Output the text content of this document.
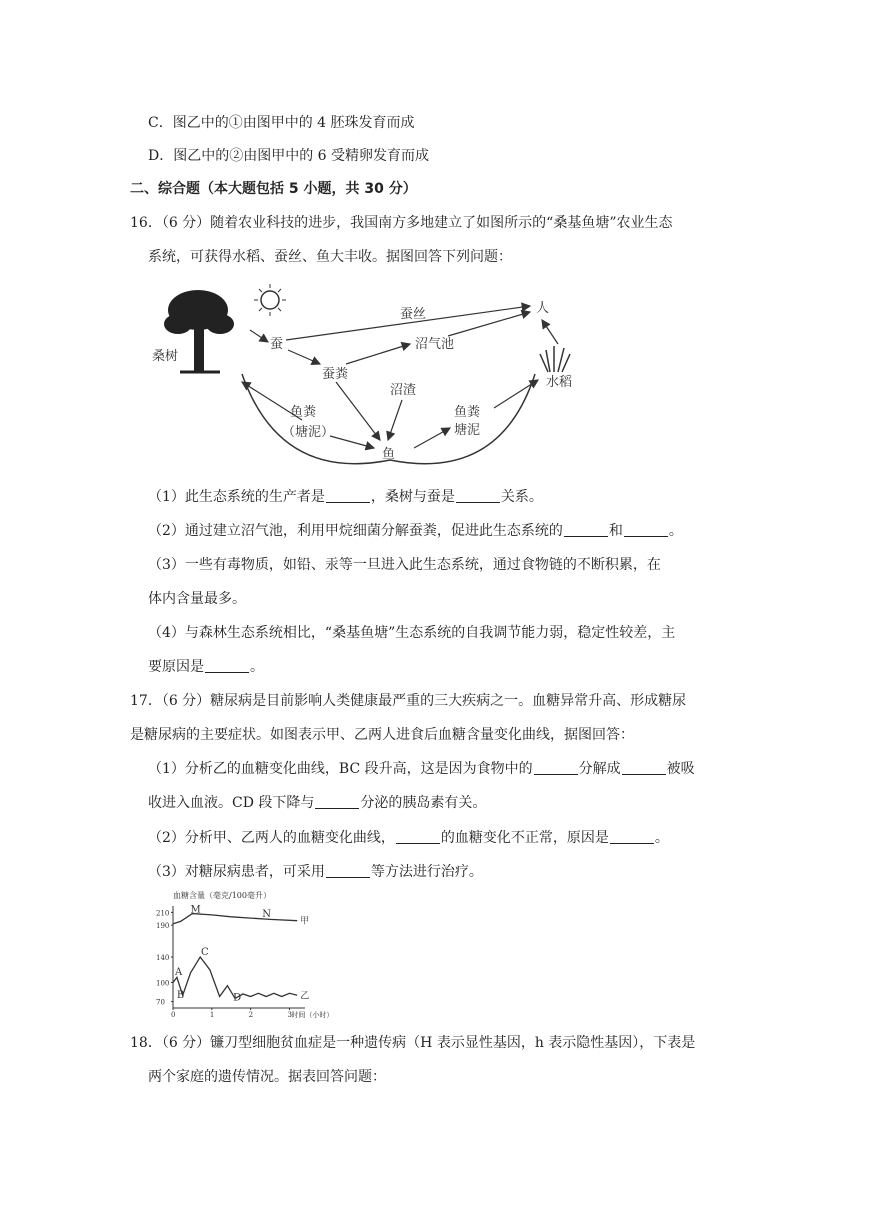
C．图乙中的①由图甲中的 4 胚珠发育而成
D．图乙中的②由图甲中的 6 受精卵发育而成
二、综合题（本大题包括 5 小题，共 30 分）
16．（6 分）随着农业科技的进步，我国南方多地建立了如图所示的“桑基鱼塘”农业生态
系统，可获得水稻、蚕丝、鱼大丰收。据图回答下列问题：
桑树
蚕
蚕丝	人
沼气池
蚕粪
沼渣
水稻
鱼粪
（塘泥）
鱼粪
塘泥
鱼
（1）此生态系统的生产者是	，桑树与蚕是	关系。
（2）通过建立沼气池，利用甲烷细菌分解蚕粪，促进此生态系统的	和	。
（3）一些有毒物质，如铅、汞等一旦进入此生态系统，通过食物链的不断积累，在
体内含量最多。
（4）与森林生态系统相比，“桑基鱼塘”生态系统的自我调节能力弱，稳定性较差，主
要原因是	。
17．（6 分）糖尿病是目前影响人类健康最严重的三大疾病之一。血糖异常升高、形成糖尿
是糖尿病的主要症状。如图表示甲、乙两人进食后血糖含量变化曲线，据图回答：
（1）分析乙的血糖变化曲线，BC 段升高，这是因为食物中的	分解成	被吸
收进入血液。CD 段下降与	分泌的胰岛素有关。
（2）分析甲、乙两人的血糖变化曲线，	的血糖变化不正常，原因是	。
（3）对糖尿病患者，可采用	等方法进行治疗。
血糖含量（毫克/100毫升）
70
100
140
190
210
0	1	2	3
甲
乙
M	N
A
B
C
D
时间（小时）
18．（6 分）镰刀型细胞贫血症是一种遗传病（H 表示显性基因，h 表示隐性基因），下表是
两个家庭的遗传情况。据表回答问题：
